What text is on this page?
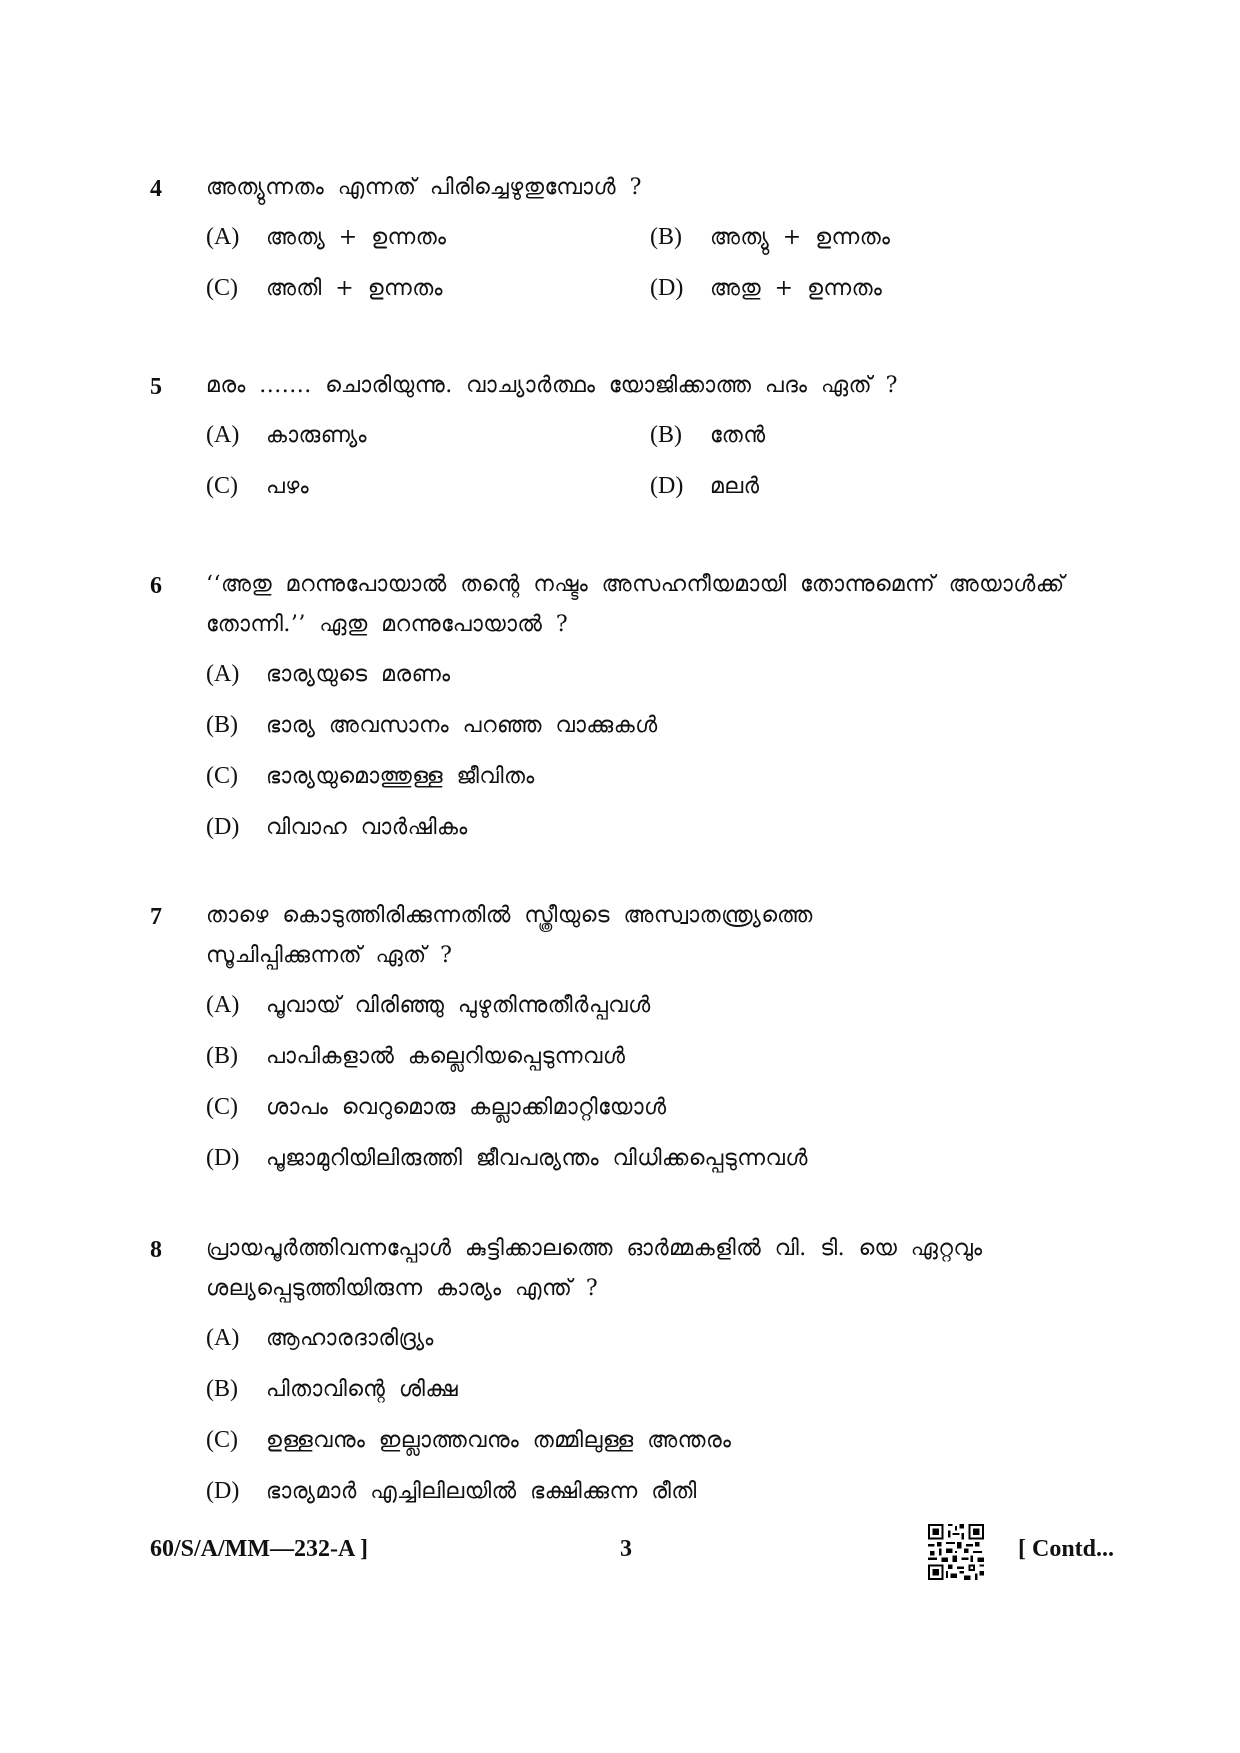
4 അത്യുന്നതം എന്നത് പിരിച്ചെഴുതുമ്പോൾ ?
(A)	അത്യ + ഉന്നതം	(B)	അത്യു + ഉന്നതം
(C)	അതി + ഉന്നതം	(D)	അതു + ഉന്നതം
5 മരം ....... ചൊരിയുന്നു. വാച്യാർത്ഥം യോജിക്കാത്ത പദം ഏത് ?
(A)	കാരുണ്യം	(B)	തേൻ
(C)	പഴം	(D)	മലർ
6 ‘‘അതു മറന്നുപോയാൽ തന്റെ നഷ്ടം അസഹനീയമായി തോന്നുമെന്ന് അയാൾക്ക് തോന്നി.’’ ഏതു മറന്നുപോയാൽ ?
(A)	ഭാര്യയുടെ മരണം
(B)	ഭാര്യ അവസാനം പറഞ്ഞ വാക്കുകൾ
(C)	ഭാര്യയുമൊത്തുള്ള ജീവിതം
(D)	വിവാഹ വാർഷികം
7 താഴെ കൊടുത്തിരിക്കുന്നതിൽ സ്ത്രീയുടെ അസ്വാതന്ത്ര്യത്തെ സൂചിപ്പിക്കുന്നത് ഏത് ?
(A)	പൂവായ് വിരിഞ്ഞു പുഴുതിന്നുതീർപ്പവൾ
(B)	പാപികളാൽ കല്ലെറിയപ്പെടുന്നവൾ
(C)	ശാപം വെറുമൊരു കല്ലാക്കിമാറ്റിയോൾ
(D)	പൂജാമുറിയിലിരുത്തി ജീവപര്യന്തം വിധിക്കപ്പെടുന്നവൾ
8 പ്രായപൂർത്തിവന്നപ്പോൾ കുട്ടിക്കാലത്തെ ഓർമ്മകളിൽ വി. ടി. യെ ഏറ്റവും ശല്യപ്പെടുത്തിയിരുന്ന കാര്യം എന്ത് ?
(A)	ആഹാരദാരിദ്ര്യം
(B)	പിതാവിന്റെ ശിക്ഷ
(C)	ഉള്ളവനും ഇല്ലാത്തവനും തമ്മിലുള്ള അന്തരം
(D)	ഭാര്യമാർ എച്ചിലിലയിൽ ഭക്ഷിക്കുന്ന രീതി
60/S/A/MM—232-A ]	3	[ Contd...
